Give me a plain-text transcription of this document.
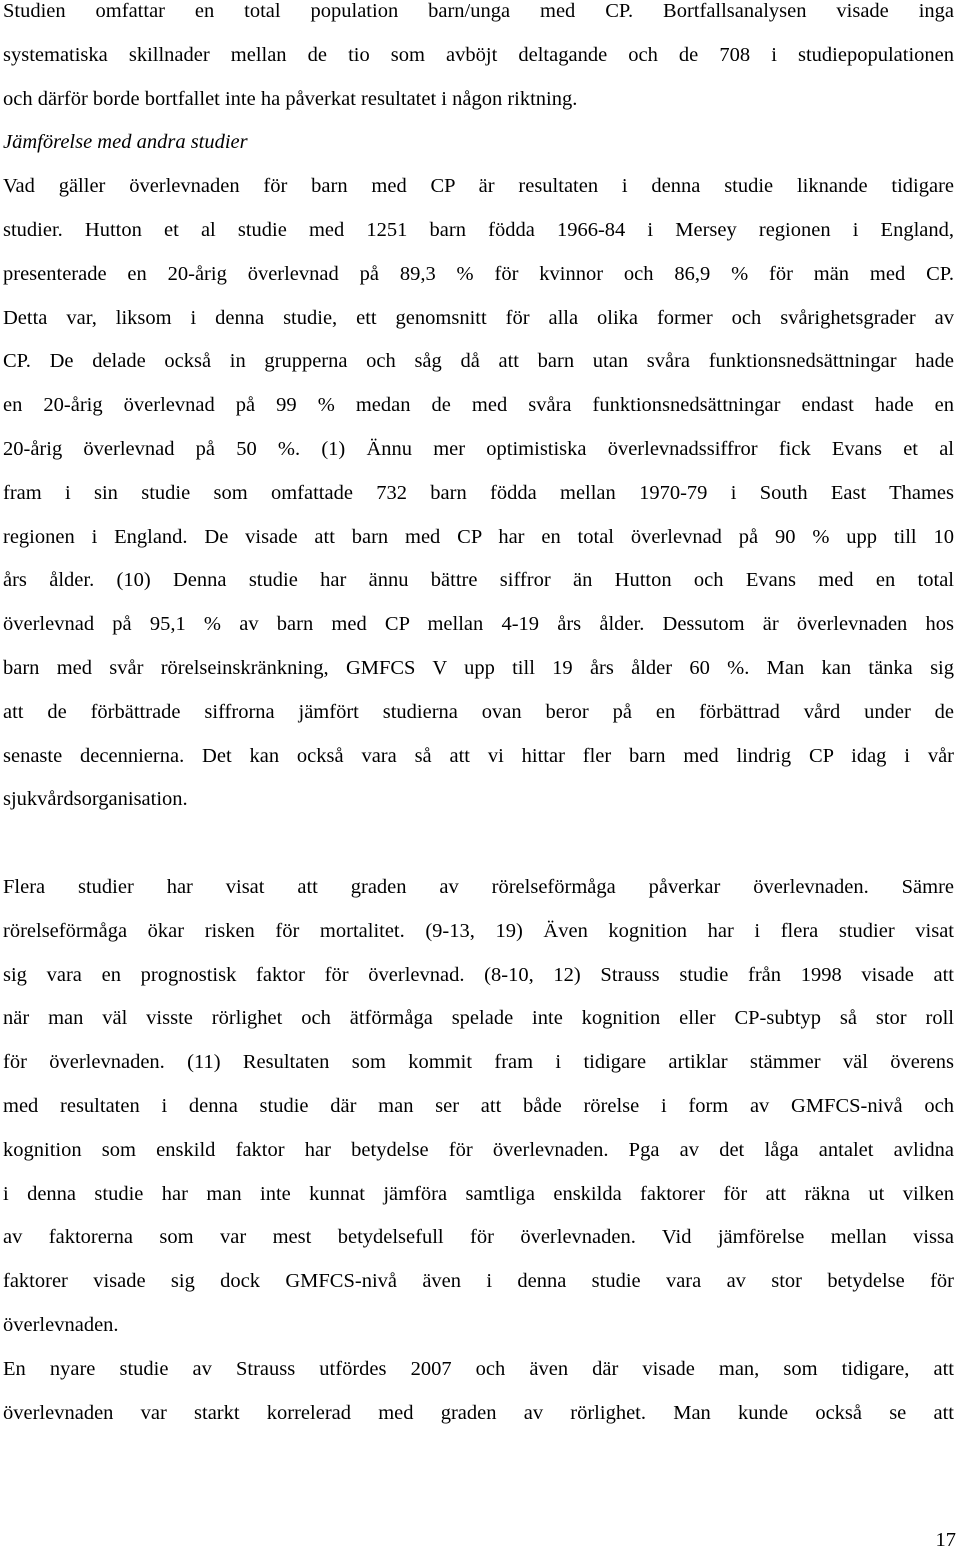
Studien omfattar en total population barn/unga med CP. Bortfallsanalysen visade inga
systematiska skillnader mellan de tio som avböjt deltagande och de 708 i studiepopulationen
och därför borde bortfallet inte ha påverkat resultatet i någon riktning.
Jämförelse med andra studier
Vad gäller överlevnaden för barn med CP är resultaten i denna studie liknande tidigare
studier. Hutton et al studie med 1251 barn födda 1966-84 i Mersey regionen i England,
presenterade en 20-årig överlevnad på 89,3 % för kvinnor och 86,9 % för män med CP.
Detta var, liksom i denna studie, ett genomsnitt för alla olika former och svårighetsgrader av
CP. De delade också in grupperna och såg då att barn utan svåra funktionsnedsättningar hade
en 20-årig överlevnad på 99 % medan de med svåra funktionsnedsättningar endast hade en
20-årig överlevnad på 50 %. (1) Ännu mer optimistiska överlevnadssiffror fick Evans et al
fram i sin studie som omfattade 732 barn födda mellan 1970-79 i South East Thames
regionen i England. De visade att barn med CP har en total överlevnad på 90 % upp till 10
års ålder. (10) Denna studie har ännu bättre siffror än Hutton och Evans med en total
överlevnad på 95,1 % av barn med CP mellan 4-19 års ålder. Dessutom är överlevnaden hos
barn med svår rörelseinskränkning, GMFCS V upp till 19 års ålder 60 %. Man kan tänka sig
att de förbättrade siffrorna jämfört studierna ovan beror på en förbättrad vård under de
senaste decennierna. Det kan också vara så att vi hittar fler barn med lindrig CP idag i vår
sjukvårdsorganisation.
Flera studier har visat att graden av rörelseförmåga påverkar överlevnaden. Sämre
rörelseförmåga ökar risken för mortalitet. (9-13, 19) Även kognition har i flera studier visat
sig vara en prognostisk faktor för överlevnad. (8-10, 12) Strauss studie från 1998 visade att
när man väl visste rörlighet och ätförmåga spelade inte kognition eller CP-subtyp så stor roll
för överlevnaden. (11) Resultaten som kommit fram i tidigare artiklar stämmer väl överens
med resultaten i denna studie där man ser att både rörelse i form av GMFCS-nivå och
kognition som enskild faktor har betydelse för överlevnaden. Pga av det låga antalet avlidna
i denna studie har man inte kunnat jämföra samtliga enskilda faktorer för att räkna ut vilken
av faktorerna som var mest betydelsefull för överlevnaden. Vid jämförelse mellan vissa
faktorer visade sig dock GMFCS-nivå även i denna studie vara av stor betydelse för
överlevnaden.
En nyare studie av Strauss utfördes 2007 och även där visade man, som tidigare, att
överlevnaden var starkt korrelerad med graden av rörlighet. Man kunde också se att
17
